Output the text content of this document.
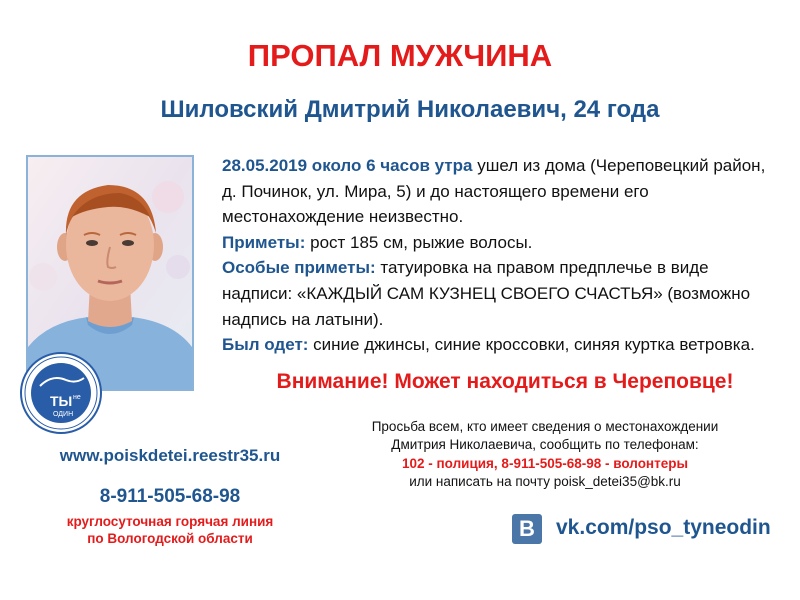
ПРОПАЛ МУЖЧИНА
Шиловский Дмитрий Николаевич, 24 года
ТЫ не
ОДИН
28.05.2019 около 6 часов утра ушел из дома (Череповецкий район, д. Починок, ул. Мира, 5) и до настоящего времени его местонахождение неизвестно.
Приметы: рост 185 см, рыжие волосы.
Особые приметы: татуировка на правом предплечье в виде надписи: «КАЖДЫЙ САМ КУЗНЕЦ СВОЕГО СЧАСТЬЯ» (возможно надпись на латыни).
Был одет: синие джинсы, синие кроссовки, синяя куртка ветровка.
Внимание! Может находиться в Череповце!
Просьба всем, кто имеет сведения о местонахождении
Дмитрия Николаевича, сообщить по телефонам:
102 - полиция, 8-911-505-68-98 - волонтеры
или написать на почту poisk_detei35@bk.ru
www.poiskdetei.reestr35.ru
8-911-505-68-98
круглосуточная горячая линия
по Вологодской области	B	vk.com/pso_tyneodin
